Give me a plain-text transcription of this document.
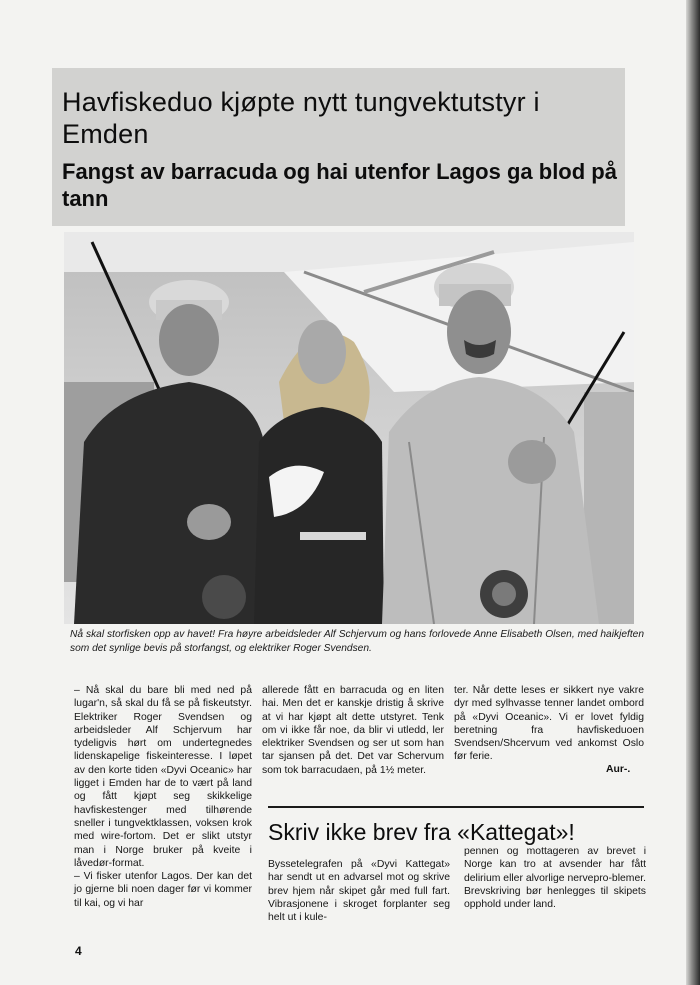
Havfiskeduo kjøpte nytt tungvektutstyr i Emden
Fangst av barracuda og hai utenfor Lagos ga blod på tann
Nå skal storfisken opp av havet! Fra høyre arbeidsleder Alf Schjervum og hans forlovede Anne Elisabeth Olsen, med haikjeften som det synlige bevis på storfangst, og elektriker Roger Svendsen.
– Nå skal du bare bli med ned på lugar'n, så skal du få se på fiskeutstyr. Elektriker Roger Svendsen og arbeidsleder Alf Schjervum har tydeligvis hørt om undertegnedes lidenskapelige fiskeinteresse. I løpet av den korte tiden «Dyvi Oceanic» har ligget i Emden har de to vært på land og fått kjøpt seg skikkelige havfiskestenger med tilhørende sneller i tungvektklassen, voksen krok med wire-fortom. Det er slikt utstyr man i Norge bruker på kveite i låvedør-format.
– Vi fisker utenfor Lagos. Der kan det jo gjerne bli noen dager før vi kommer til kai, og vi har
allerede fått en barracuda og en liten hai. Men det er kanskje dristig å skrive at vi har kjøpt alt dette utstyret. Tenk om vi ikke får noe, da blir vi utledd, ler elektriker Svendsen og ser ut som han tar sjansen på det. Det var Schervum som tok barracudaen, på 1½ meter.
ter. Når dette leses er sikkert nye vakre dyr med sylhvasse tenner landet ombord på «Dyvi Oceanic». Vi er lovet fyldig beretning fra havfiskeduoen Svendsen/Shcervum ved ankomst Oslo før ferie.
Aur-.
Skriv ikke brev fra «Kattegat»!
Byssetelegrafen på «Dyvi Kattegat» har sendt ut en advarsel mot og skrive brev hjem når skipet går med full fart. Vibrasjonene i skroget forplanter seg helt ut i kule-
pennen og mottageren av brevet i Norge kan tro at avsender har fått delirium eller alvorlige nervepro-blemer. Brevskriving bør henlegges til skipets opphold under land.
4
